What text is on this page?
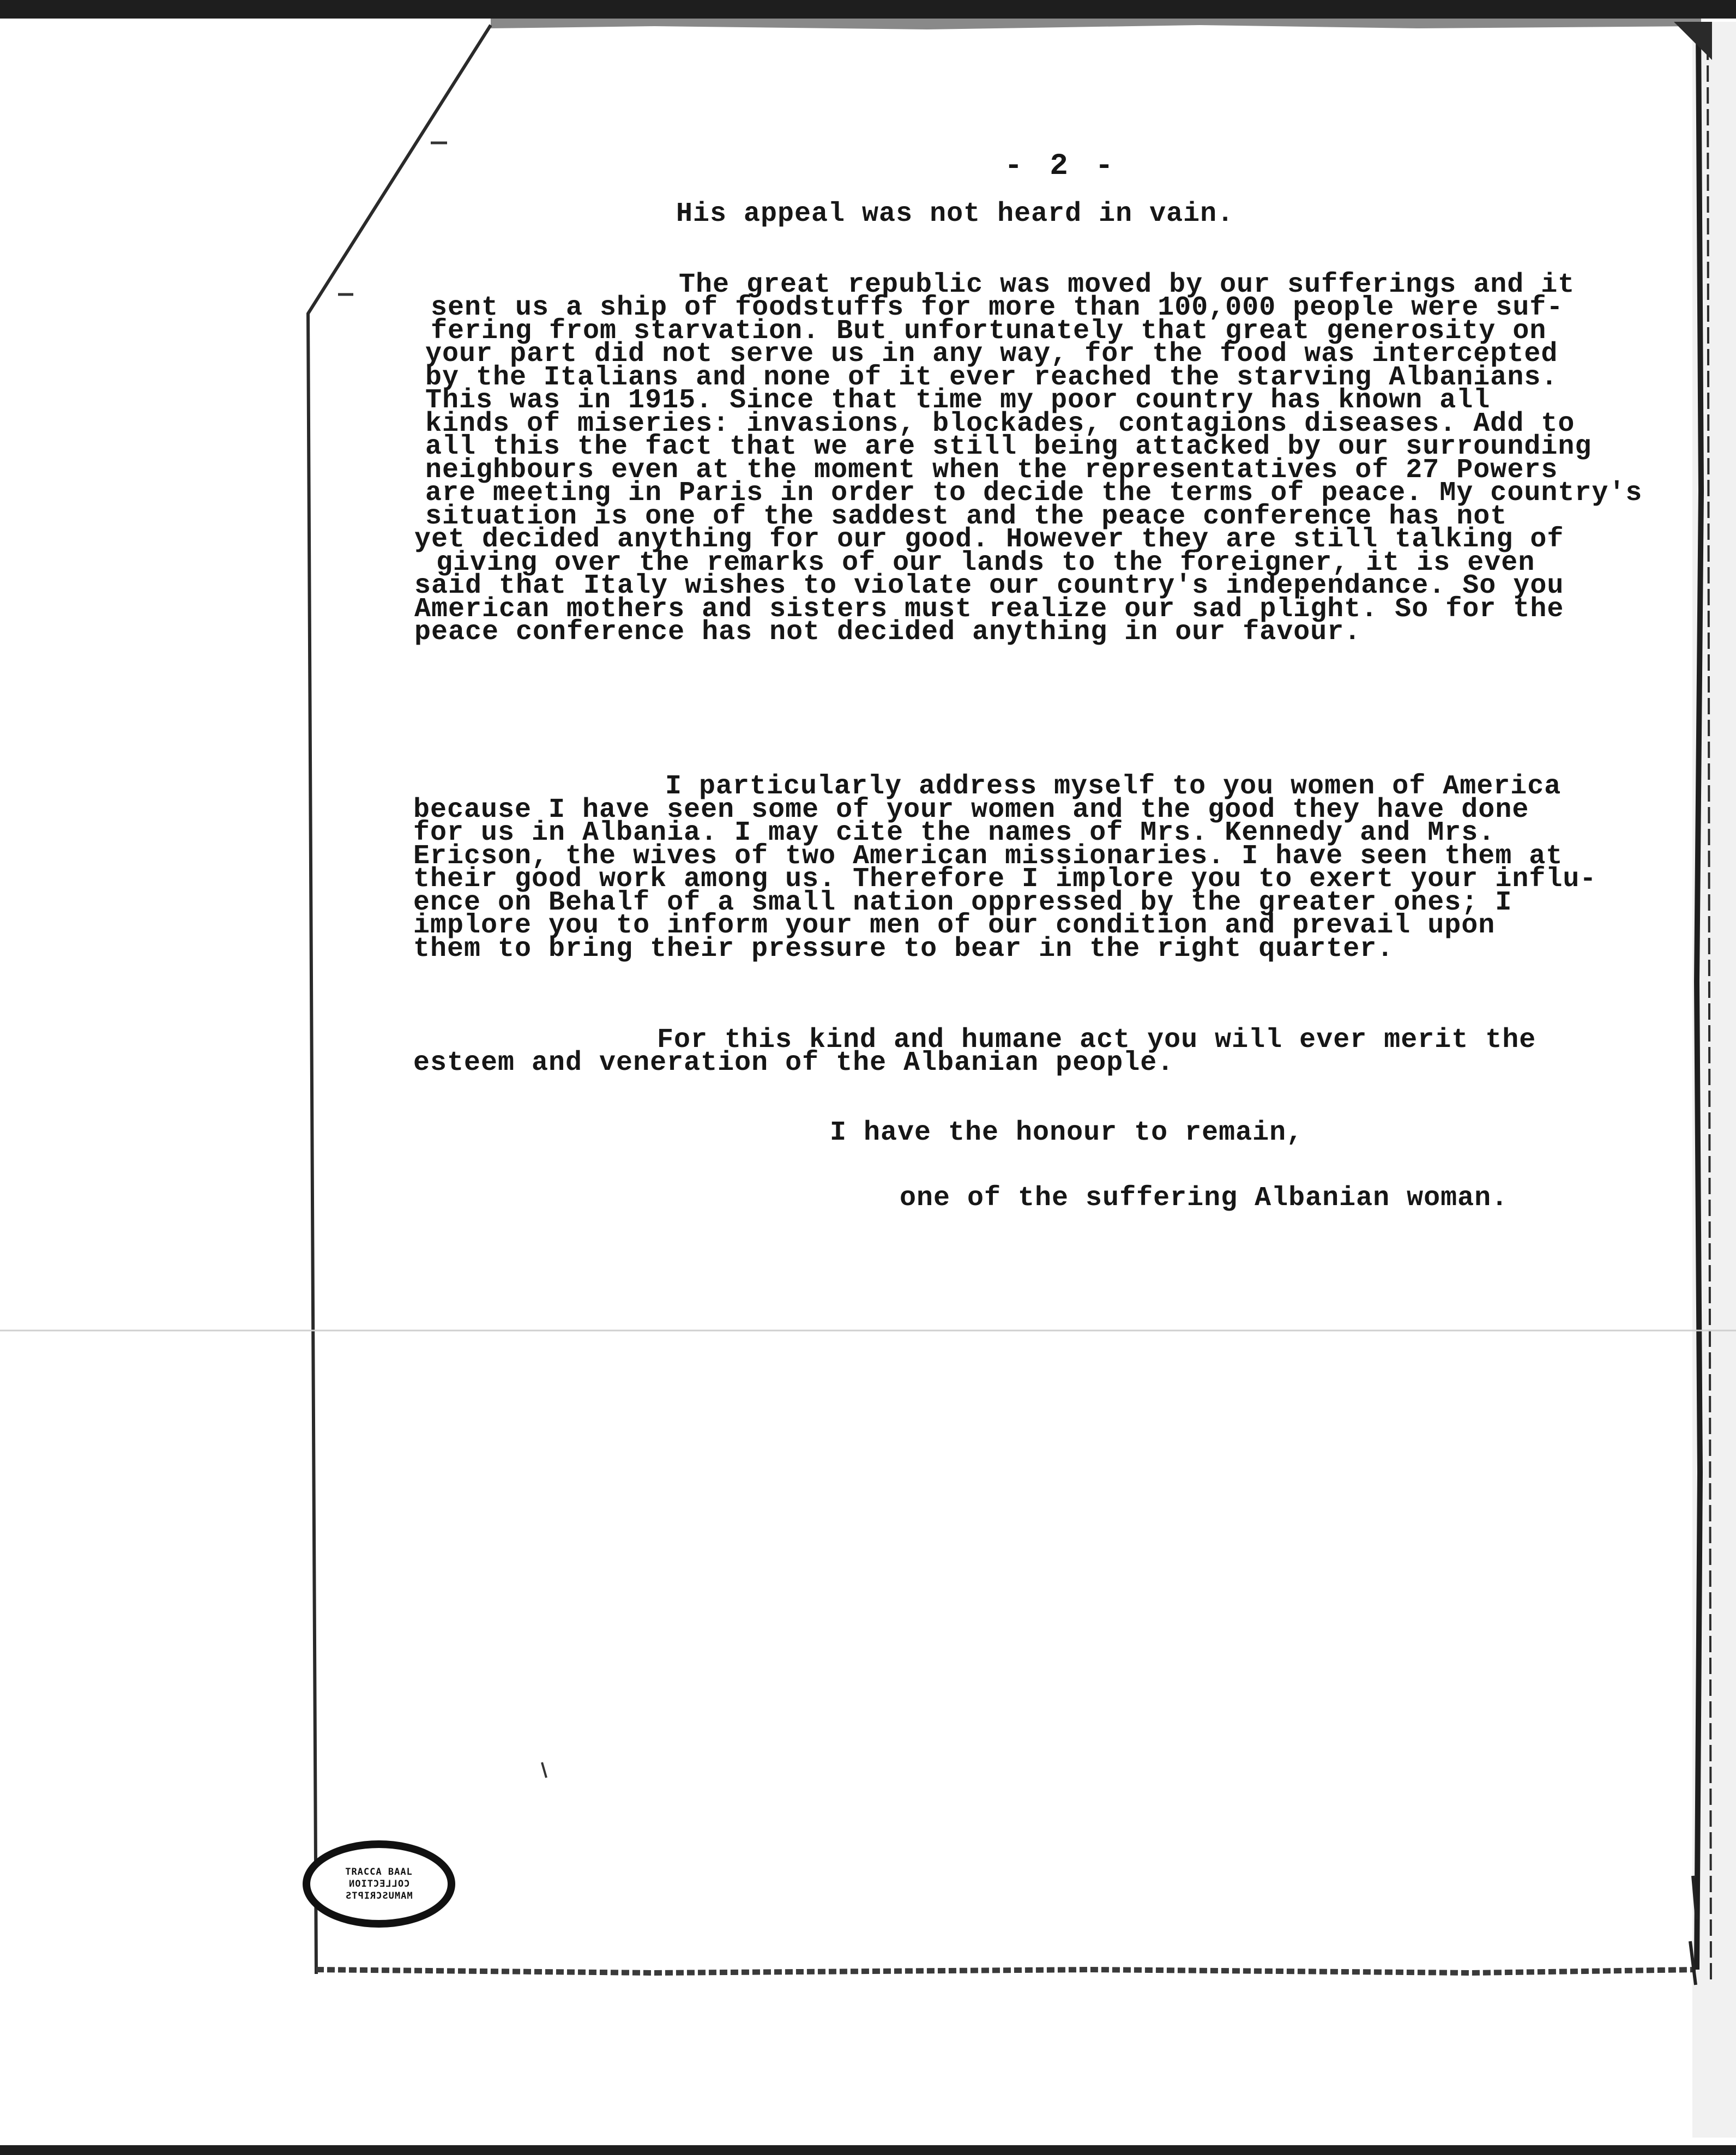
- 2 -
His appeal was not heard in vain.
The great republic was moved by our sufferings and it
sent us a ship of foodstuffs for more than 100,000 people were suf-
fering from starvation. But unfortunately that great generosity on
your part did not serve us in any way, for the food was intercepted
by the Italians and none of it ever reached the starving Albanians.
This was in 1915. Since that time my poor country has known all
kinds of miseries: invasions, blockades, contagions diseases. Add to
all this the fact that we are still being attacked by our surrounding
neighbours even at the moment when the representatives of 27 Powers
are meeting in Paris in order to decide the terms of peace. My country's
situation is one of the saddest and the peace conference has not
yet decided anything for our good. However they are still talking of
giving over the remarks of our lands to the foreigner, it is even
said that Italy wishes to violate our country's independance. So you
American mothers and sisters must realize our sad plight. So for the
peace conference has not decided anything in our favour.
I particularly address myself to you women of America
because I have seen some of your women and the good they have done
for us in Albania. I may cite the names of Mrs. Kennedy and Mrs.
Ericson, the wives of two American missionaries. I have seen them at
their good work among us. Therefore I implore you to exert your influ-
ence on Behalf of a small nation oppressed by the greater ones; I
implore you to inform your men of our condition and prevail upon
them to bring their pressure to bear in the right quarter.
For this kind and humane act you will ever merit the
esteem and veneration of the Albanian people.
I have the honour to remain,
one of the suffering Albanian woman.
TRACCA BAAL
COLLECTION
MAMUSCRIPTS
